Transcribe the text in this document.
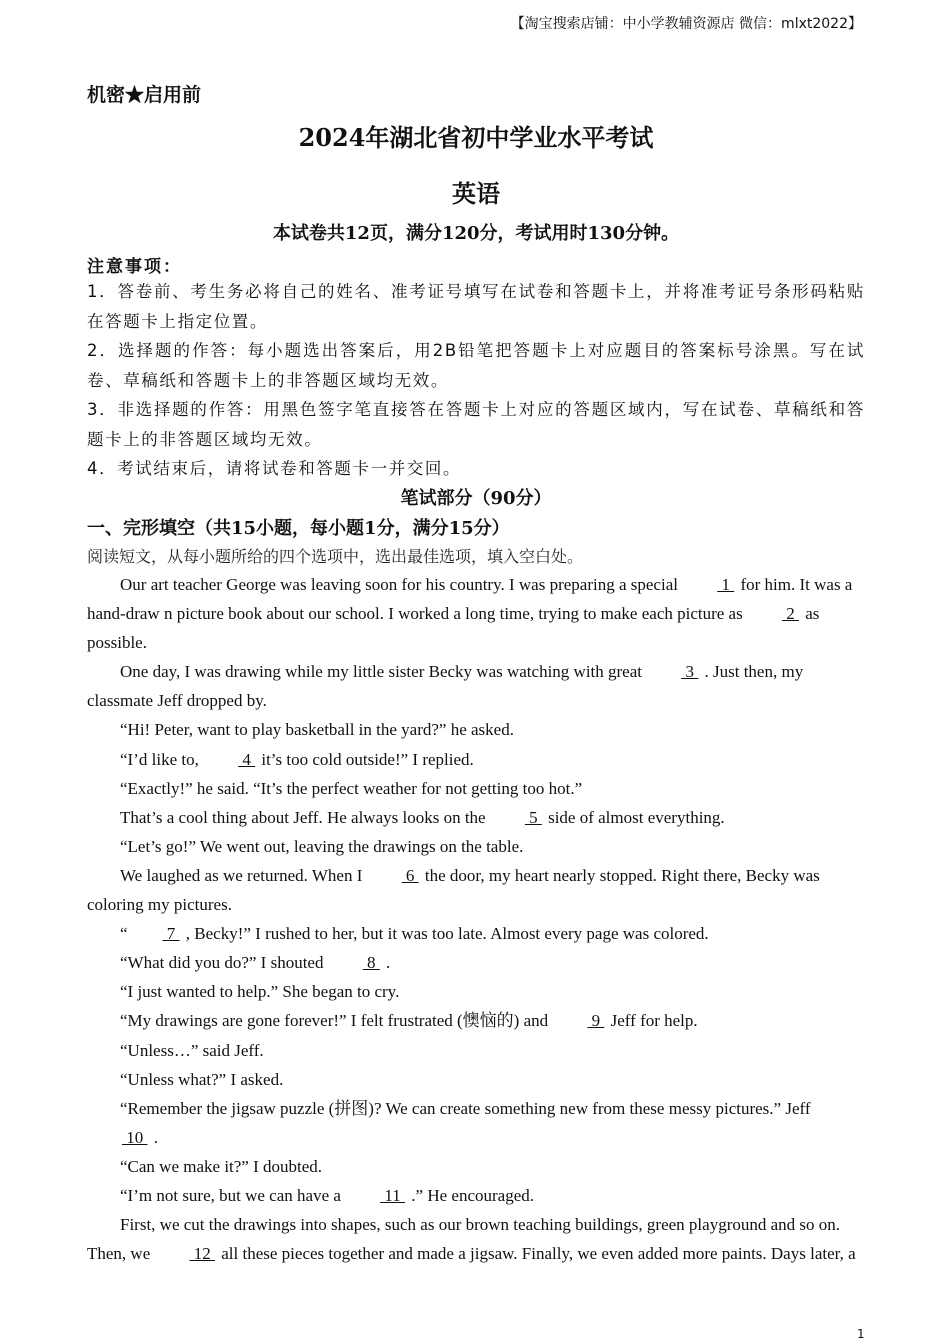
【淘宝搜索店铺：中小学教辅资源店 微信：mlxt2022】
机密★启用前
2024年湖北省初中学业水平考试
英语
本试卷共12页，满分120分，考试用时130分钟。
注意事项：
1．答卷前、考生务必将自己的姓名、准考证号填写在试卷和答题卡上，并将准考证号条形码粘贴在答题卡上指定位置。
2．选择题的作答：每小题选出答案后，用2B铅笔把答题卡上对应题目的答案标号涂黑。写在试卷、草稿纸和答题卡上的非答题区域均无效。
3．非选择题的作答：用黑色签字笔直接答在答题卡上对应的答题区域内，写在试卷、草稿纸和答题卡上的非答题区域均无效。
4．考试结束后，请将试卷和答题卡一并交回。
笔试部分（90分）
一、完形填空（共15小题，每小题1分，满分15分）
阅读短文，从每小题所给的四个选项中，选出最佳选项，填入空白处。

Our art teacher George was leaving soon for his country. I was preparing a special  1  for him. It was a hand-draw n picture book about our school. I worked a long time, trying to make each picture as  2  as possible.

One day, I was drawing while my little sister Becky was watching with great  3  . Just then, my classmate Jeff dropped by.

“Hi! Peter, want to play basketball in the yard?” he asked.

“I’d like to,  4  it’s too cold outside!” I replied.

“Exactly!” he said. “It’s the perfect weather for not getting too hot.”

That’s a cool thing about Jeff. He always looks on the  5  side of almost everything.

“Let’s go!” We went out, leaving the drawings on the table.

We laughed as we returned. When I  6  the door, my heart nearly stopped. Right there, Becky was coloring my pictures.

“ 7  , Becky!” I rushed to her, but it was too late. Almost every page was colored.

“What did you do?” I shouted  8  .

“I just wanted to help.” She began to cry.

“My drawings are gone forever!” I felt frustrated (懊恼的) and  9  Jeff for help.

“Unless…” said Jeff.

“Unless what?” I asked.

“Remember the jigsaw puzzle (拼图)? We can create something new from these messy pictures.” Jeff  10  .

“Can we make it?” I doubted.

“I’m not sure, but we can have a  11  .” He encouraged.

First, we cut the drawings into shapes, such as our brown teaching buildings, green playground and so on. Then, we  12  all these pieces together and made a jigsaw. Finally, we even added more paints. Days later, a

1
